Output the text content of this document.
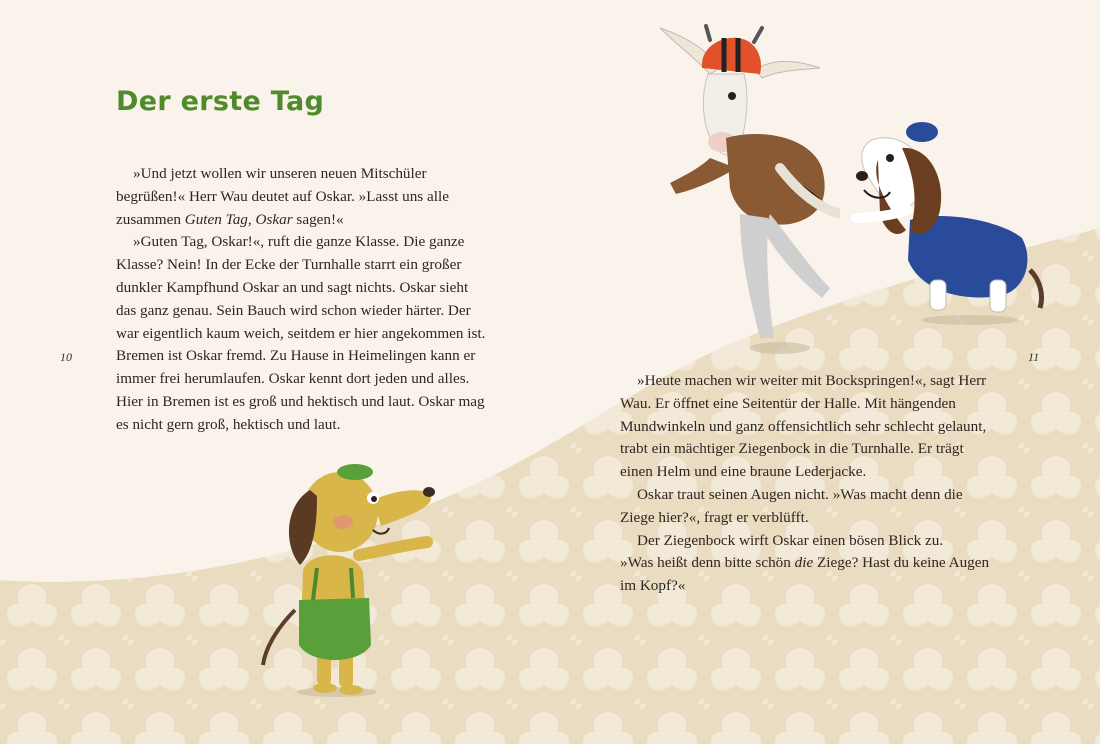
Der erste Tag

»Und jetzt wollen wir unseren neuen Mitschüler begrüßen!« Herr Wau deutet auf Oskar. »Lasst uns alle zusammen Guten Tag, Oskar sagen!«

»Guten Tag, Oskar!«, ruft die ganze Klasse. Die ganze Klasse? Nein! In der Ecke der Turnhalle starrt ein großer dunkler Kampfhund Oskar an und sagt nichts. Oskar sieht das ganz genau. Sein Bauch wird schon wieder härter. Der war eigentlich kaum weich, seitdem er hier angekommen ist. Bremen ist Oskar fremd. Zu Hause in Heimelingen kann er immer frei herumlaufen. Oskar kennt dort jeden und alles. Hier in Bremen ist es groß und hektisch und laut. Oskar mag es nicht gern groß, hektisch und laut.

10	11

»Heute machen wir weiter mit Bockspringen!«, sagt Herr Wau. Er öffnet eine Seitentür der Halle. Mit hängenden Mundwinkeln und ganz offensichtlich sehr schlecht gelaunt, trabt ein mächtiger Ziegenbock in die Turnhalle. Er trägt einen Helm und eine braune Lederjacke.

Oskar traut seinen Augen nicht. »Was macht denn die Ziege hier?«, fragt er verblüfft.

Der Ziegenbock wirft Oskar einen bösen Blick zu.

»Was heißt denn bitte schön die Ziege? Hast du keine Augen im Kopf?«
